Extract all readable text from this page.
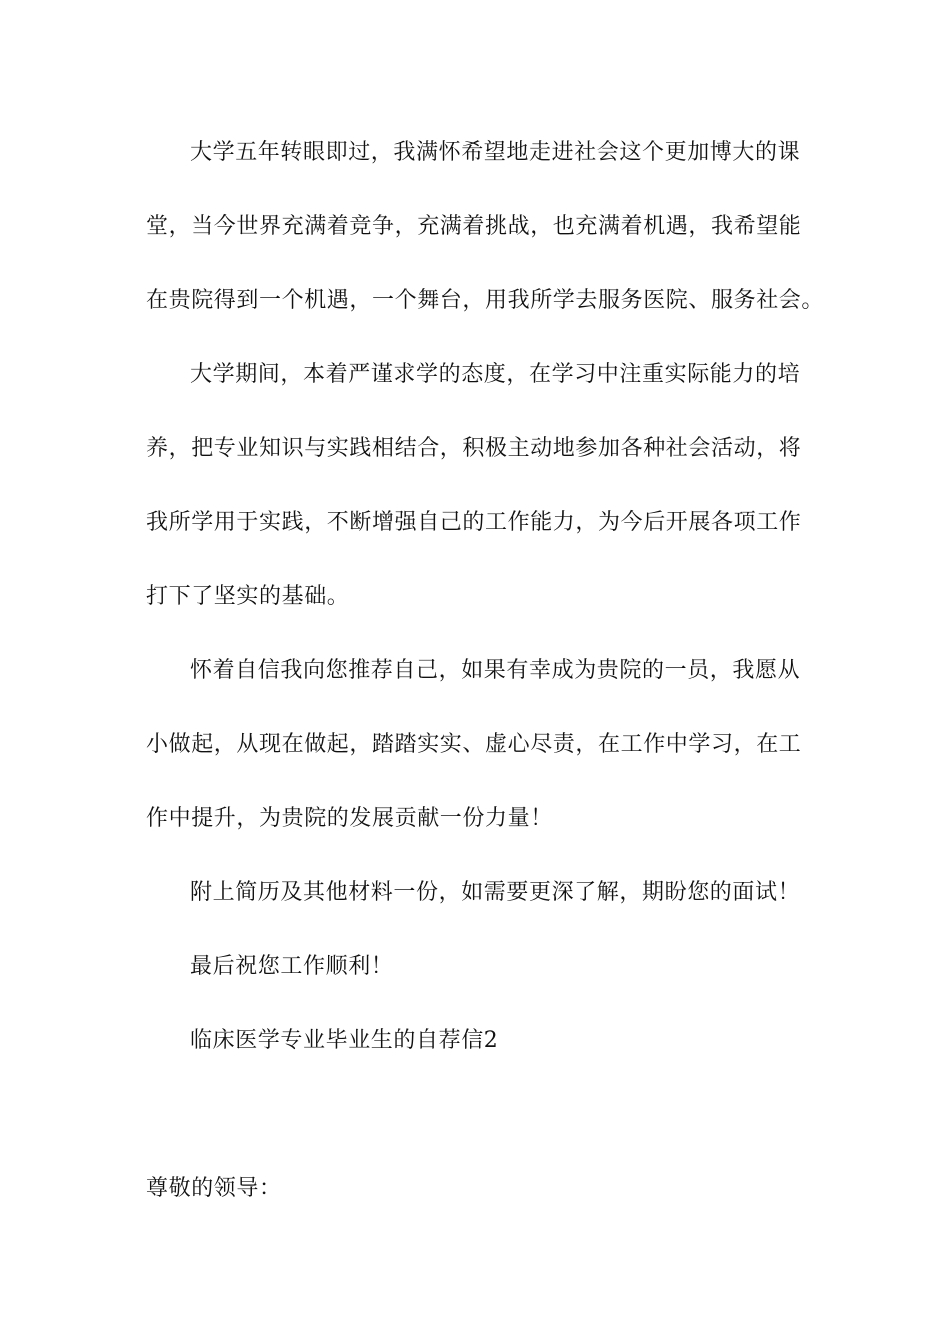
大学五年转眼即过，我满怀希望地走进社会这个更加博大的课
堂，当今世界充满着竞争，充满着挑战，也充满着机遇，我希望能
在贵院得到一个机遇，一个舞台，用我所学去服务医院、服务社会。
大学期间，本着严谨求学的态度，在学习中注重实际能力的培
养，把专业知识与实践相结合，积极主动地参加各种社会活动，将
我所学用于实践，不断增强自己的工作能力，为今后开展各项工作
打下了坚实的基础。
怀着自信我向您推荐自己，如果有幸成为贵院的一员，我愿从
小做起，从现在做起，踏踏实实、虚心尽责，在工作中学习，在工
作中提升，为贵院的发展贡献一份力量！
附上简历及其他材料一份，如需要更深了解，期盼您的面试！
最后祝您工作顺利！
临床医学专业毕业生的自荐信2
尊敬的领导：
